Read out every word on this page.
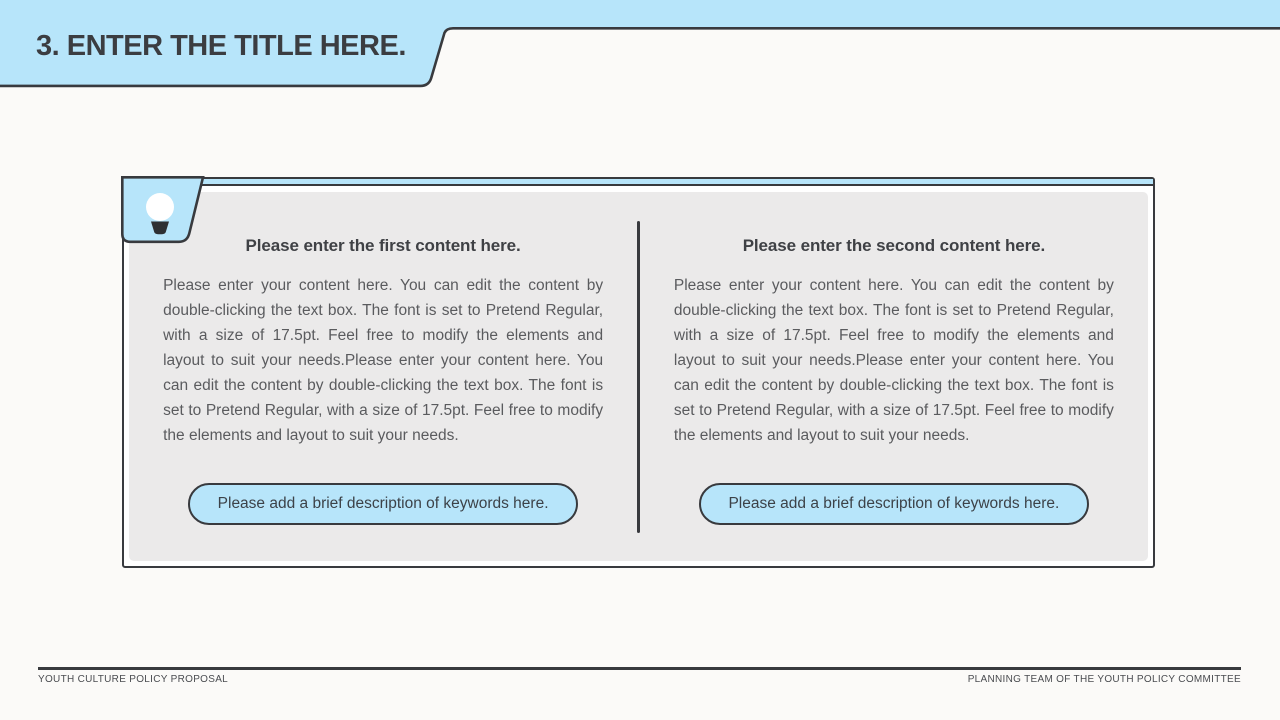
3. ENTER THE TITLE HERE.
Please enter the first content here.
Please enter your content here. You can edit the content by double-clicking the text box. The font is set to Pretend Regular, with a size of 17.5pt. Feel free to modify the elements and layout to suit your needs.Please enter your content here. You can edit the content by double-clicking the text box. The font is set to Pretend Regular, with a size of 17.5pt. Feel free to modify the elements and layout to suit your needs.
Please add a brief description of keywords here.
Please enter the second content here.
Please enter your content here. You can edit the content by double-clicking the text box. The font is set to Pretend Regular, with a size of 17.5pt. Feel free to modify the elements and layout to suit your needs.Please enter your content here. You can edit the content by double-clicking the text box. The font is set to Pretend Regular, with a size of 17.5pt. Feel free to modify the elements and layout to suit your needs.
Please add a brief description of keywords here.
YOUTH CULTURE POLICY PROPOSAL	PLANNING TEAM OF THE YOUTH POLICY COMMITTEE
